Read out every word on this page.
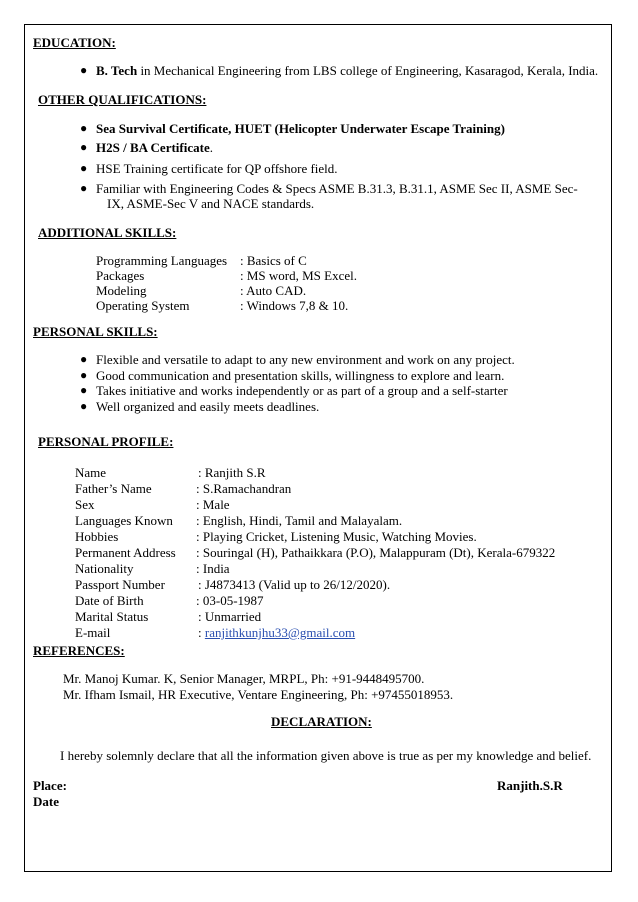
EDUCATION:
● B. Tech in Mechanical Engineering from LBS college of Engineering, Kasaragod, Kerala, India.
OTHER QUALIFICATIONS:
● Sea Survival Certificate, HUET (Helicopter Underwater Escape Training)
● H2S / BA Certificate.
● HSE Training certificate for QP offshore field.
● Familiar with Engineering Codes & Specs ASME B.31.3, B.31.1, ASME Sec II, ASME Sec-
IX, ASME-Sec V and NACE standards.
ADDITIONAL SKILLS:
Programming Languages : Basics of C
Packages	: MS word, MS Excel.
Modeling	: Auto CAD.
Operating System	: Windows 7,8 & 10.
PERSONAL SKILLS:
● Flexible and versatile to adapt to any new environment and work on any project.
● Good communication and presentation skills, willingness to explore and learn.
● Takes initiative and works independently or as part of a group and a self-starter
● Well organized and easily meets deadlines.
PERSONAL PROFILE:
Name	: Ranjith S.R
Father’s Name	: S.Ramachandran
Sex	: Male
Languages Known : English, Hindi, Tamil and Malayalam.
Hobbies	: Playing Cricket, Listening Music, Watching Movies.
Permanent Address : Souringal (H), Pathaikkara (P.O), Malappuram (Dt), Kerala-679322
Nationality	: India
Passport Number	: J4873413 (Valid up to 26/12/2020).
Date of Birth	: 03-05-1987
Marital Status	: Unmarried
E-mail	: ranjithkunjhu33@gmail.com
REFERENCES:
Mr. Manoj Kumar. K, Senior Manager, MRPL, Ph: +91-9448495700.
Mr. Ifham Ismail, HR Executive, Ventare Engineering, Ph: +97455018953.
DECLARATION:
I hereby solemnly declare that all the information given above is true as per my knowledge and belief.
Place:
Date
Ranjith.S.R
